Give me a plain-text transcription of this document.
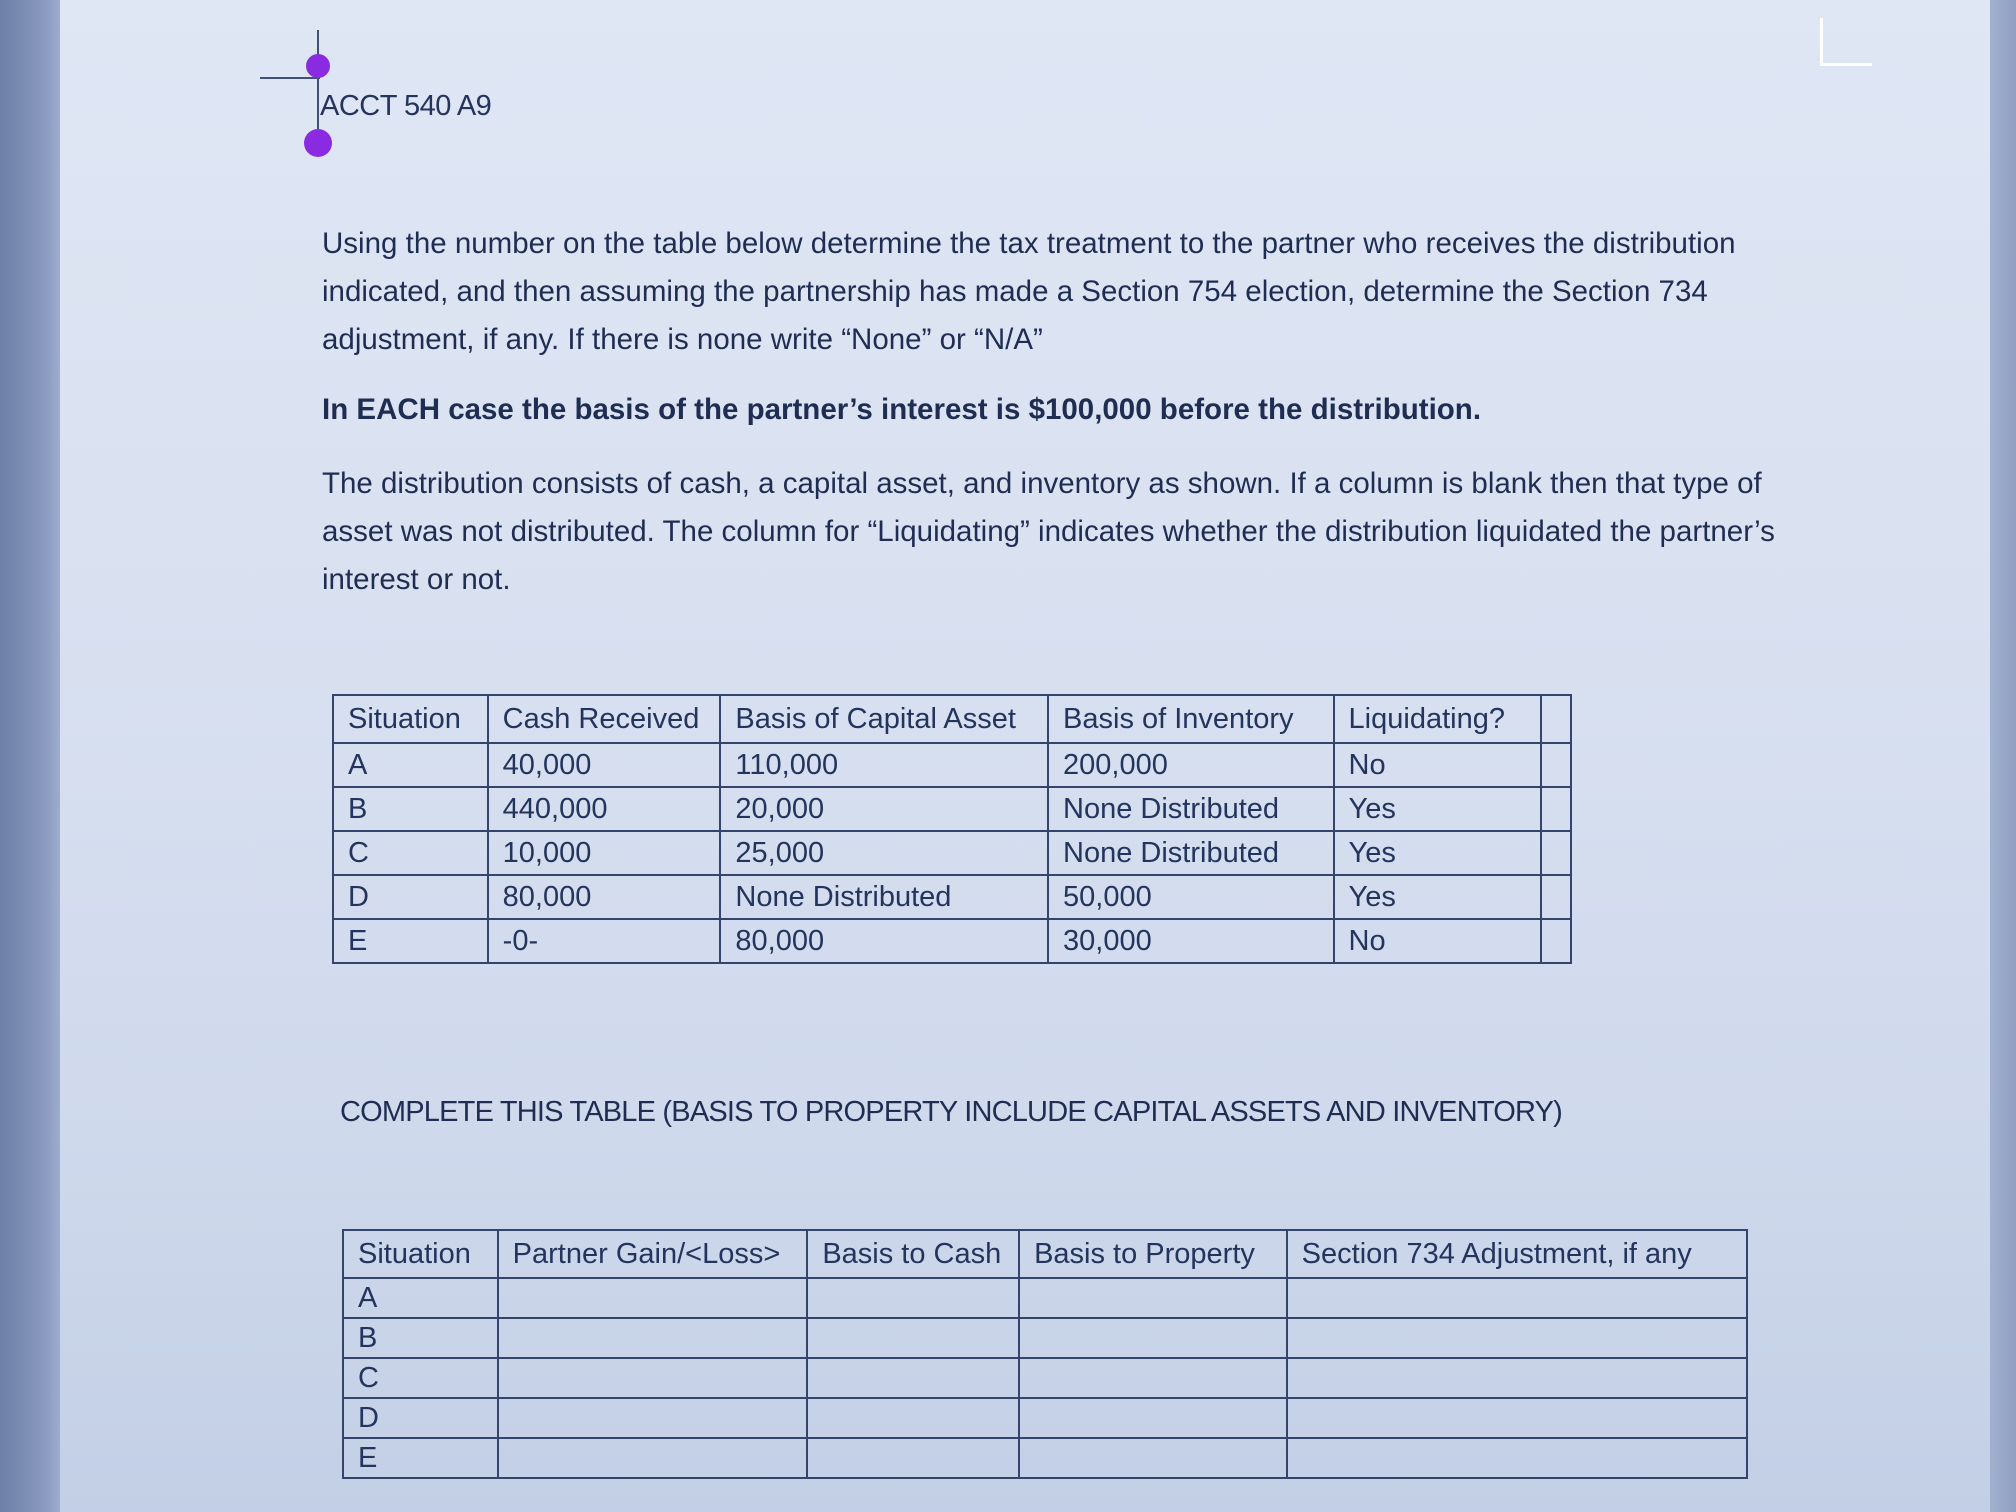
ACCT 540 A9
Using the number on the table below determine the tax treatment to the partner who receives the distribution indicated, and then assuming the partnership has made a Section 754 election, determine the Section 734 adjustment, if any. If there is none write “None” or “N/A”
In EACH case the basis of the partner’s interest is $100,000 before the distribution.
The distribution consists of cash, a capital asset, and inventory as shown. If a column is blank then that type of asset was not distributed. The column for “Liquidating” indicates whether the distribution liquidated the partner’s interest or not.
Situation	Cash Received	Basis of Capital Asset	Basis of Inventory	Liquidating?	
A	40,000	110,000	200,000	No	
B	440,000	20,000	None Distributed	Yes	
C	10,000	25,000	None Distributed	Yes	
D	80,000	None Distributed	50,000	Yes	
E	-0-	80,000	30,000	No	
COMPLETE THIS TABLE (BASIS TO PROPERTY INCLUDE CAPITAL ASSETS AND INVENTORY)
Situation	Partner Gain/<Loss>	Basis to Cash	Basis to Property	Section 734 Adjustment, if any
A				
B				
C				
D				
E				
